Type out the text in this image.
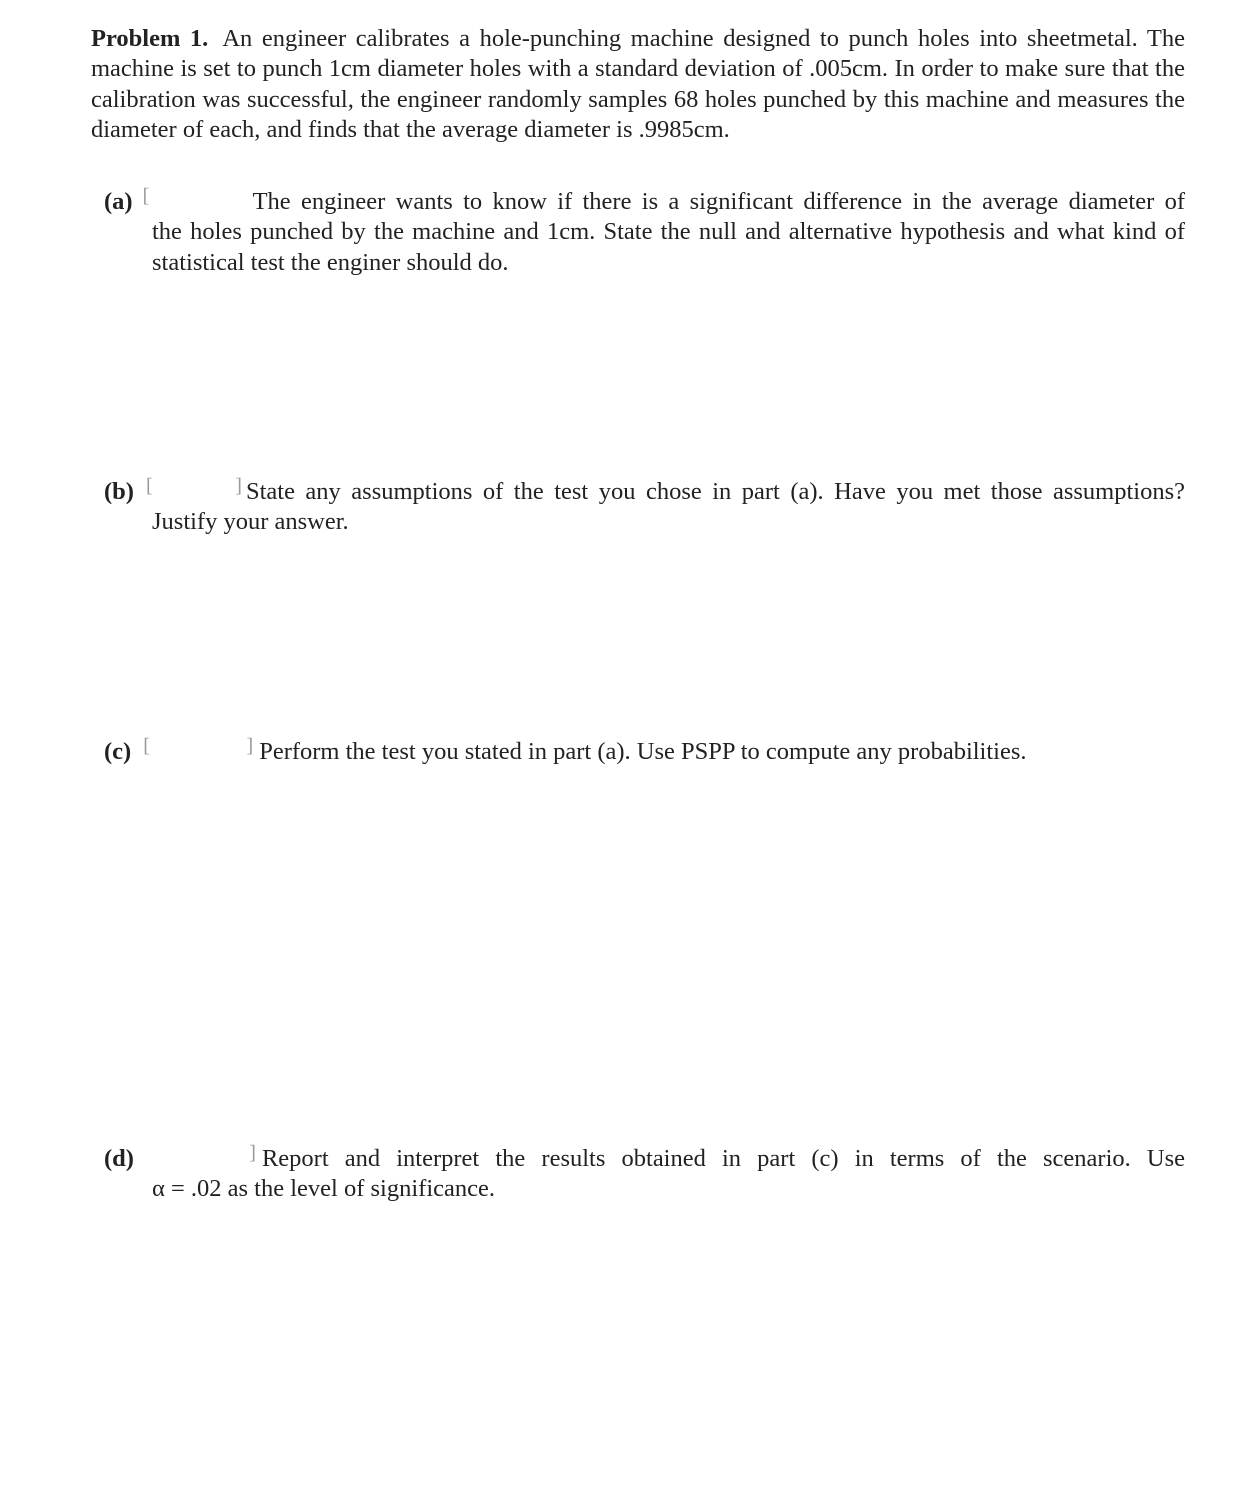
Problem 1. An engineer calibrates a hole-punching machine designed to punch holes into sheetmetal. The machine is set to punch 1cm diameter holes with a standard deviation of .005cm. In order to make sure that the calibration was successful, the engineer randomly samples 68 holes punched by this machine and measures the diameter of each, and finds that the average diameter is .9985cm.
(a) [	The engineer wants to know if there is a significant difference in the average diameter of
the holes punched by the machine and 1cm. State the null and alternative hypothesis and what kind of statistical test the enginer should do.
(b) [	] State any assumptions of the test you chose in part (a). Have you met those assumptions?
Justify your answer.
(c) [	] Perform the test you stated in part (a). Use PSPP to compute any probabilities.
(d)	] Report and interpret the results obtained in part (c) in terms of the scenario. Use
α = .02 as the level of significance.
